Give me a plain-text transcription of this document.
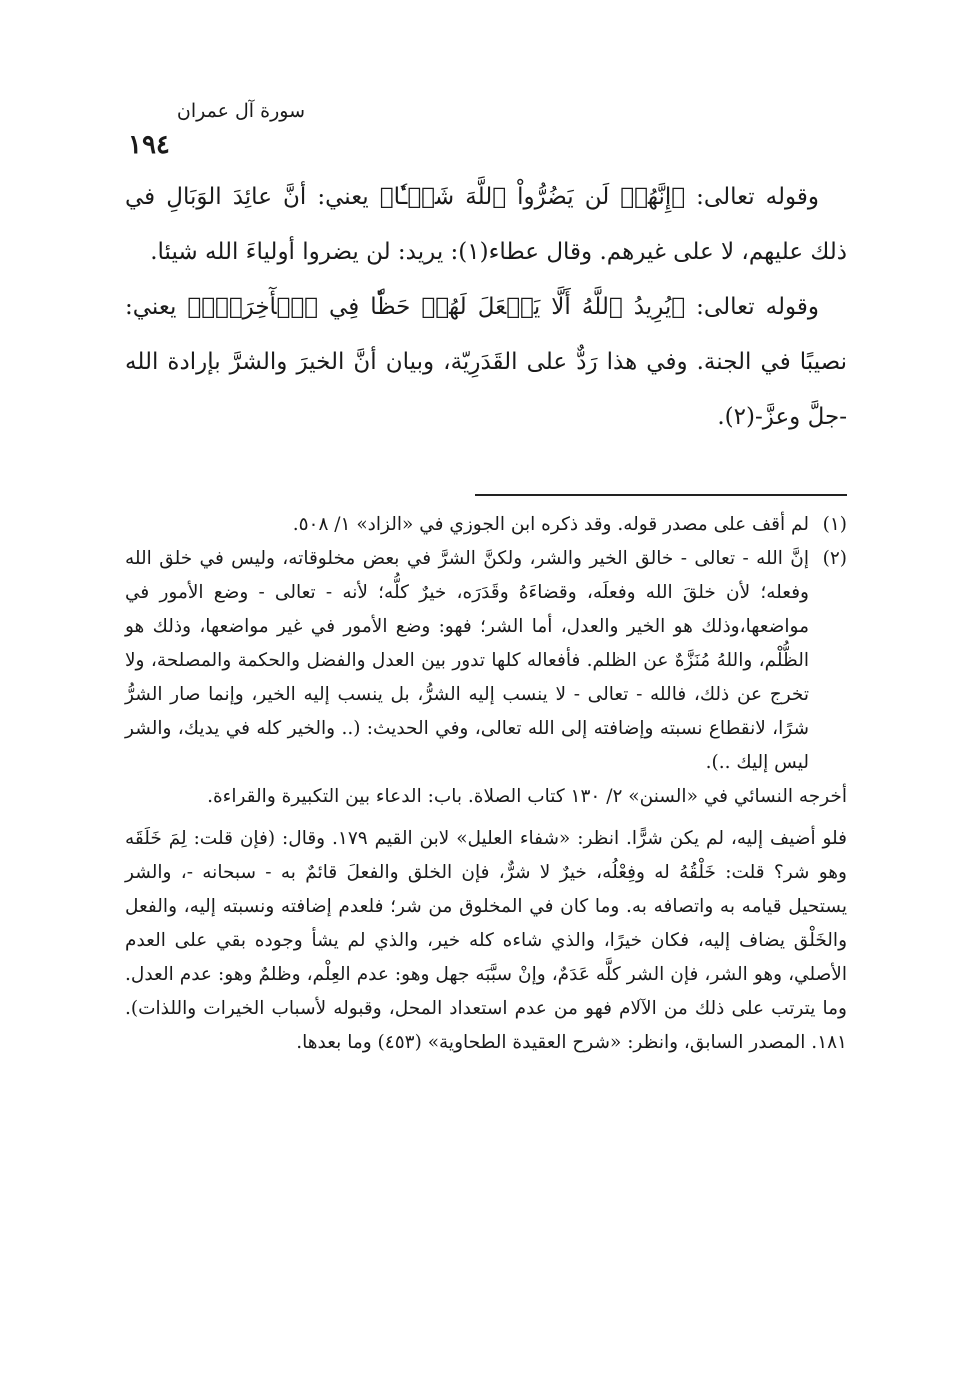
١٩٤
سورة آل عمران

وقوله تعالى: ﴿إِنَّهُمۡ لَن يَضُرُّواْ ٱللَّهَ شَيۡـٔٗا﴾ يعني: أنَّ عائِدَ الوَبَالِ في ذلك عليهم، لا على غيرهم. وقال عطاء(١): يريد: لن يضروا أولياءَ الله شيئا.

وقوله تعالى: ﴿يُرِيدُ ٱللَّهُ أَلَّا يَجۡعَلَ لَهُمۡ حَظّٗا فِي ٱلۡأٓخِرَةِۖ﴾ يعني: نصيبًا في الجنة. وفي هذا رَدٌّ على القَدَرِيّة، وبيان أنَّ الخيرَ والشرَّ بإرادة الله -جلَّ وعزَّ-(٢).

(١)
لم أقف على مصدر قوله. وقد ذكره ابن الجوزي في «الزاد» ١/ ٥٠٨.
(٢)
إنَّ الله - تعالى - خالق الخير والشر، ولكنَّ الشرَّ في بعض مخلوقاته، وليس في خلق الله وفعله؛ لأن خلقَ الله وفعلَه، وقضاءَهُ وقَدَرَه، خيرٌ كلُّه؛ لأنه - تعالى - وضع الأمور في مواضعها،وذلك هو الخير والعدل، أما الشر؛ فهو: وضع الأمور في غير مواضعها، وذلك هو الظُّلْم، واللهُ مُنَزَّهٌ عن الظلم. فأفعاله كلها تدور بين العدل والفضل والحكمة والمصلحة، ولا تخرج عن ذلك، فالله - تعالى - لا ينسب إليه الشرُّ، بل ينسب إليه الخير، وإنما صار الشرُّ شرًا، لانقطاع نسبته وإضافته إلى الله تعالى، وفي الحديث: (.. والخير كله في يديك، والشر ليس إليك ..).

أخرجه النسائي في «السنن» ٢/ ١٣٠ كتاب الصلاة. باب: الدعاء بين التكبيرة والقراءة.

فلو أضيف إليه، لم يكن شرًّا. انظر: «شفاء العليل» لابن القيم ١٧٩. وقال: (فإن قلت: لِمَ خَلَقَه وهو شر؟ قلت: خَلْقُهُ له وفِعْلُه، خيرٌ لا شرٌّ، فإن الخلق والفعلَ قائمٌ به - سبحانه -، والشر يستحيل قيامه به واتصافه به. وما كان في المخلوق من شر؛ فلعدم إضافته ونسبته إليه، والفعل والخَلْق يضاف إليه، فكان خيرًا، والذي شاءه كله خير، والذي لم يشأ وجوده بقي على العدم الأصلي، وهو الشر، فإن الشر كلَّه عَدَمٌ، وإنْ سبَّبَه جهل وهو: عدم العِلْم، وظلمٌ وهو: عدم العدل. وما يترتب على ذلك من الآلام فهو من عدم استعداد المحل، وقبوله لأسباب الخيرات واللذات). ١٨١. المصدر السابق، وانظر: «شرح العقيدة الطحاوية» (٤٥٣) وما بعدها.
